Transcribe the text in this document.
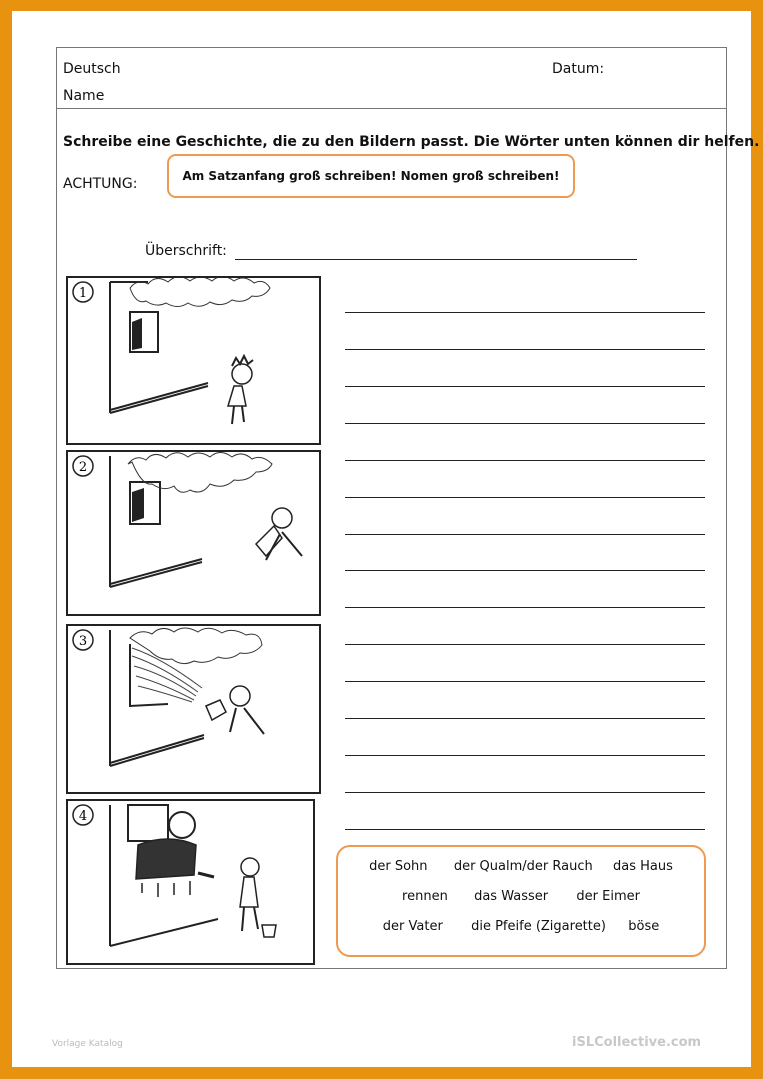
Deutsch
Name
Datum:
Schreibe eine Geschichte, die zu den Bildern passt. Die Wörter unten können dir helfen.
ACHTUNG:	Am Satzanfang groß schreiben! Nomen groß schreiben!
Überschrift:
1
2
3
4
der Sohn der Qualm/der Rauch das Haus
rennen das Wasser der Eimer
der Vater die Pfeife (Zigarette) böse
Vorlage Katalog	iSLCollective.com
